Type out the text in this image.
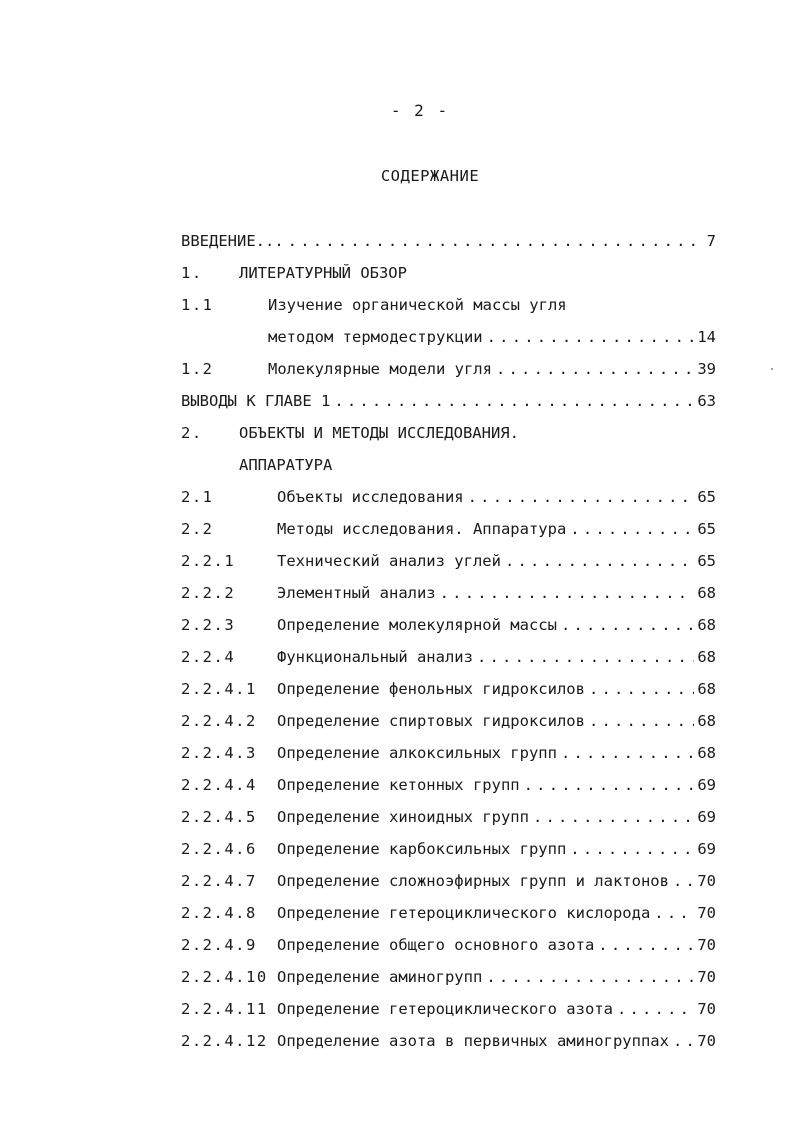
- 2 -
СОДЕРЖАНИЕ
ВВЕДЕНИЕ...	7
.....
1. ЛИТЕРАТУРНЫЙ ОБЗОР
1.1	Изучение органической массы угля
методом термодеструкции	14
.....
1.2	Молекулярные модели угля	39
.....
ВЫВОДЫ К ГЛАВЕ 1	63
.....
2. ОБЪЕКТЫ И МЕТОДЫ ИССЛЕДОВАНИЯ.
АППАРАТУРА
2.1	Объекты исследования	65
.....
2.2	Методы исследования. Аппаратура	65
.....
2.2.1	Технический анализ углей	65
.....
2.2.2	Элементный анализ	68
.....
2.2.3	Определение молекулярной массы	68
.....
2.2.4	Функциональный анализ	68
.....
2.2.4.1 Определение фенольных гидроксилов	68
.....
2.2.4.2 Определение спиртовых гидроксилов	68
.....
2.2.4.3 Определение алкоксильных групп	68
.....
2.2.4.4 Определение кетонных групп	69
.....
2.2.4.5 Определение хиноидных групп	69
.....
2.2.4.6 Определение карбоксильных групп	69
.....
2.2.4.7 Определение сложноэфирных групп и лактонов 70
.....
2.2.4.8 Определение гетероциклического кислорода	70
.....
2.2.4.9 Определение общего основного азота	70
.....
2.2.4.10 Определение аминогрупп	70
.....
2.2.4.11 Определение гетероциклического азота	70
.....
2.2.4.12 Определение азота в первичных аминогруппах 70
.....
